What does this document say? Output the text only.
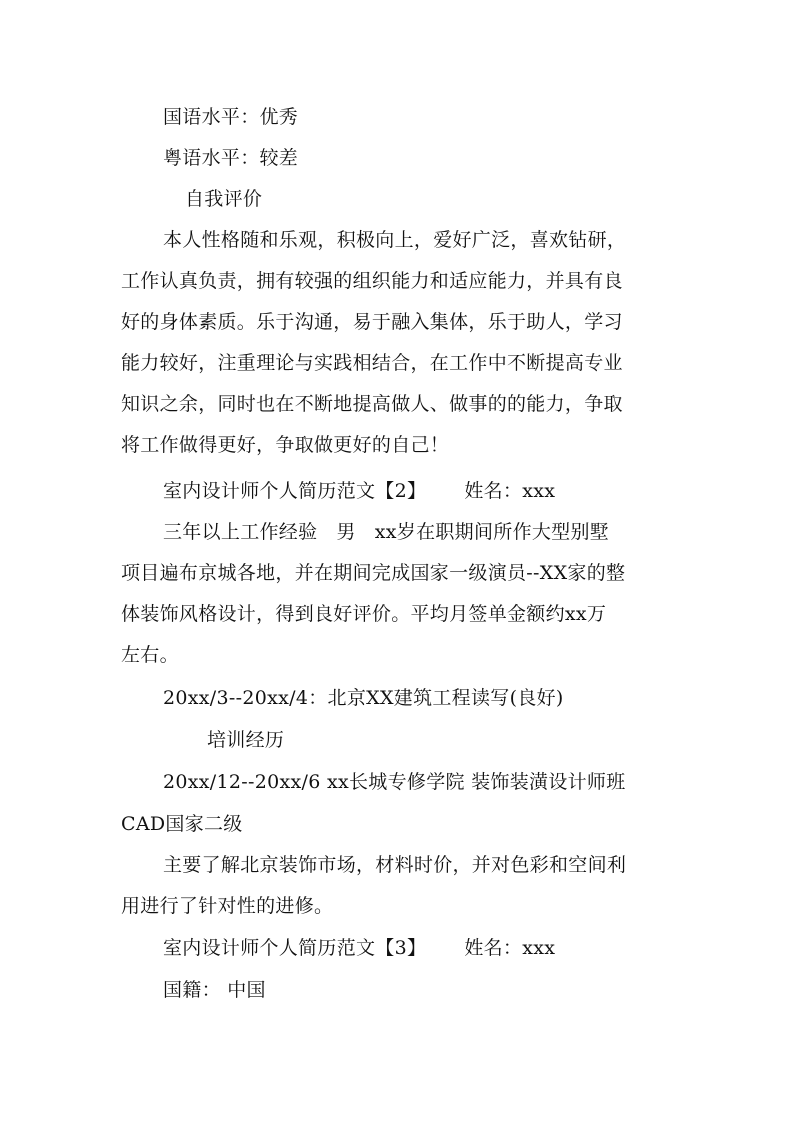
国语水平：优秀
粤语水平：较差
自我评价
本人性格随和乐观，积极向上，爱好广泛，喜欢钻研，
工作认真负责，拥有较强的组织能力和适应能力，并具有良
好的身体素质。乐于沟通，易于融入集体，乐于助人，学习
能力较好，注重理论与实践相结合，在工作中不断提高专业
知识之余，同时也在不断地提高做人、做事的的能力，争取
将工作做得更好，争取做更好的自己！
室内设计师个人简历范文【2】      姓名：xxx
三年以上工作经验   男   xx岁在职期间所作大型别墅
项目遍布京城各地，并在期间完成国家一级演员--XX家的整
体装饰风格设计，得到良好评价。平均月签单金额约xx万
左右。
20xx/3--20xx/4：北京XX建筑工程读写(良好)
培训经历
20xx/12--20xx/6 xx长城专修学院 装饰装潢设计师班
CAD国家二级
主要了解北京装饰市场，材料时价，并对色彩和空间利
用进行了针对性的进修。
室内设计师个人简历范文【3】      姓名：xxx
国籍： 中国
